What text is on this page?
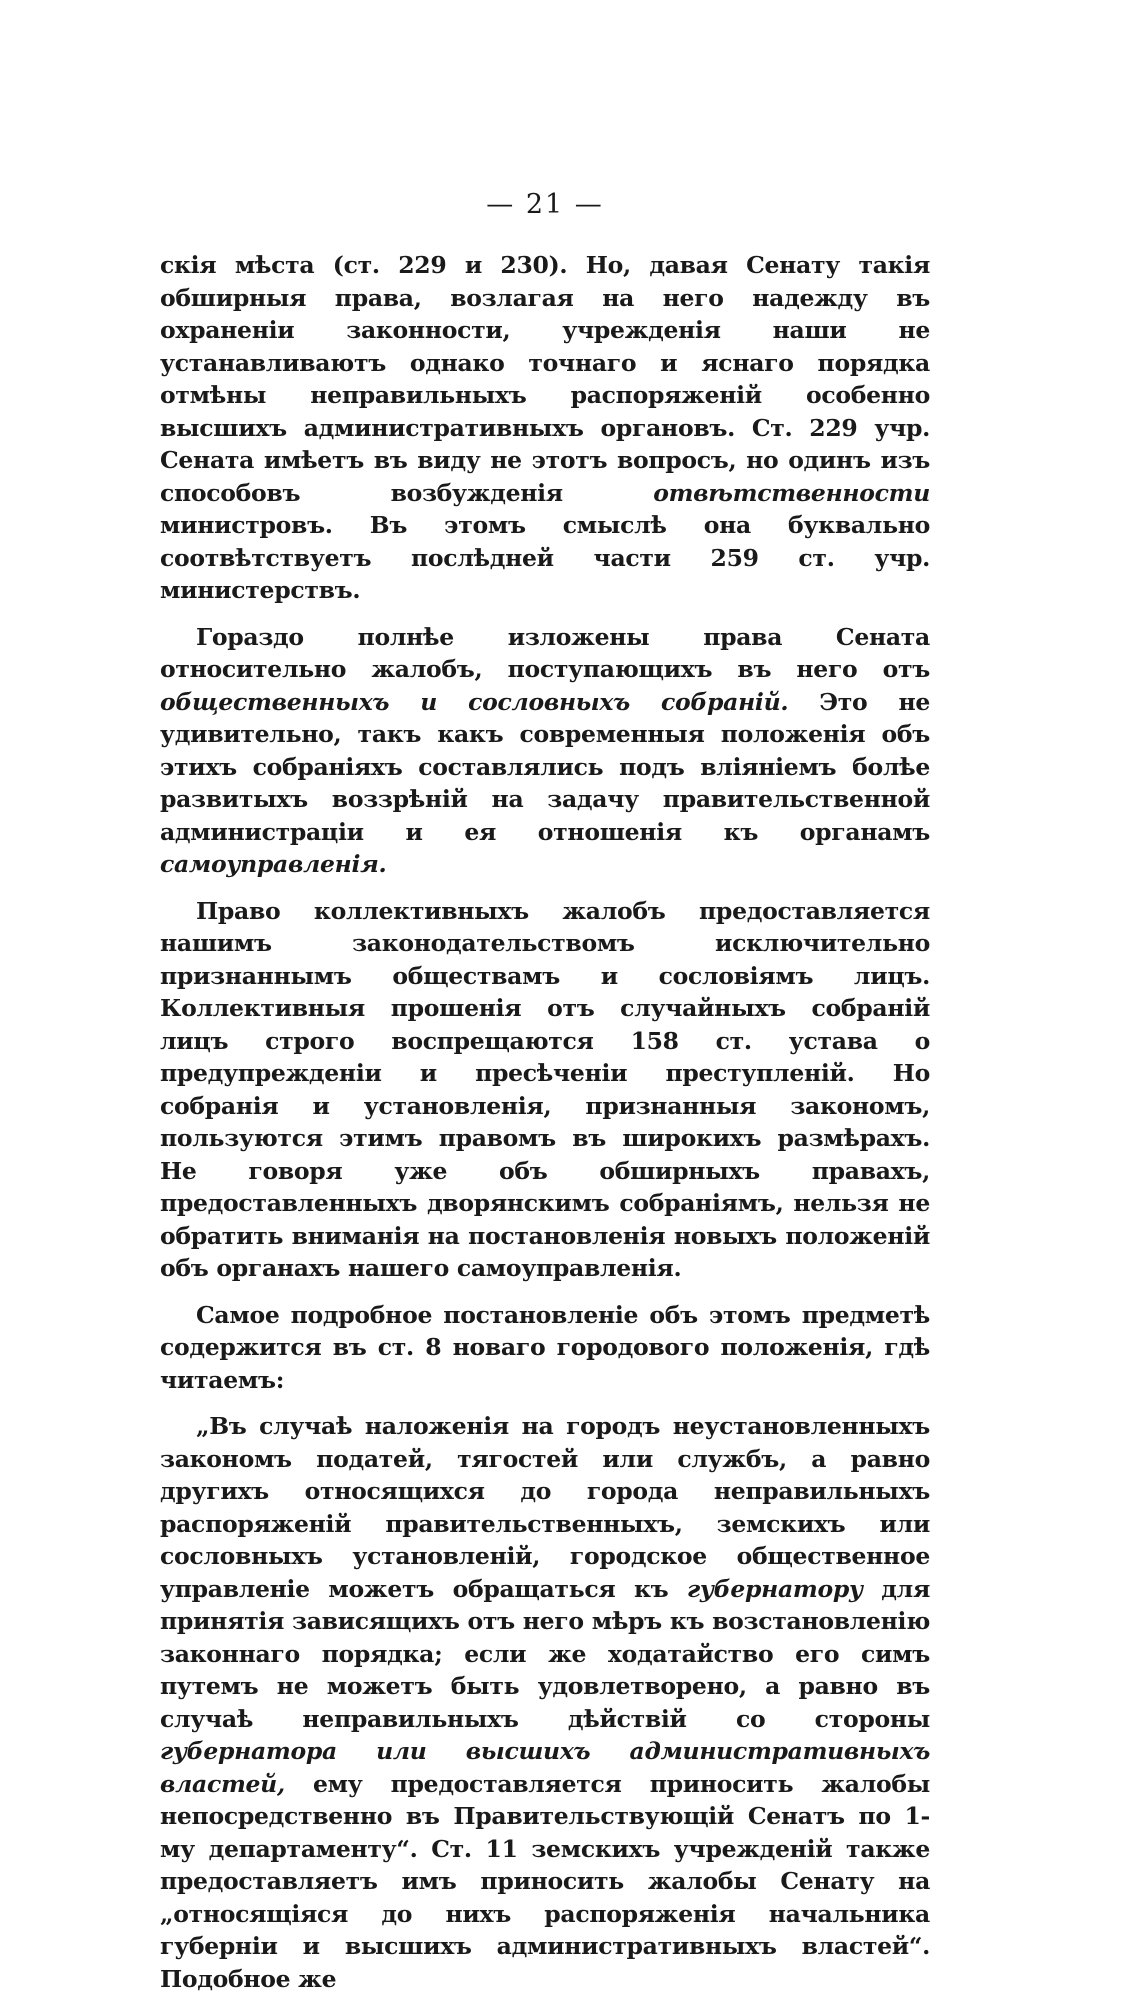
— 21 —

скія мѣста (ст. 229 и 230). Но, давая Сенату такія обширныя права, возлагая на него надежду въ охраненіи законности, учрежденія наши не устанавливаютъ однако точнаго и яснаго порядка отмѣны неправильныхъ распоряженій особенно высшихъ административныхъ органовъ. Ст. 229 учр. Сената имѣетъ въ виду не этотъ вопросъ, но одинъ изъ способовъ возбужденія отвѣтственности министровъ. Въ этомъ смыслѣ она буквально соотвѣтствуетъ послѣдней части 259 ст. учр. министерствъ.

Гораздо полнѣе изложены права Сената относительно жалобъ, поступающихъ въ него отъ общественныхъ и сословныхъ собраній. Это не удивительно, такъ какъ современныя положенія объ этихъ собраніяхъ составлялись подъ вліяніемъ болѣе развитыхъ воззрѣній на задачу правительственной администраціи и ея отношенія къ органамъ самоуправленія.

Право коллективныхъ жалобъ предоставляется нашимъ законодательствомъ исключительно признаннымъ обществамъ и сословіямъ лицъ. Коллективныя прошенія отъ случайныхъ собраній лицъ строго воспрещаются 158 ст. устава о предупрежденіи и пресѣченіи преступленій. Но собранія и установленія, признанныя закономъ, пользуются этимъ правомъ въ широкихъ размѣрахъ. Не говоря уже объ обширныхъ правахъ, предоставленныхъ дворянскимъ собраніямъ, нельзя не обратить вниманія на постановленія новыхъ положеній объ органахъ нашего самоуправленія.

Самое подробное постановленіе объ этомъ предметѣ содержится въ ст. 8 новаго городового положенія, гдѣ читаемъ:

„Въ случаѣ наложенія на городъ неустановленныхъ закономъ податей, тягостей или службъ, а равно другихъ относящихся до города неправильныхъ распоряженій правительственныхъ, земскихъ или сословныхъ установленій, городское общественное управленіе можетъ обращаться къ губернатору для принятія зависящихъ отъ него мѣръ къ возстановленію законнаго порядка; если же ходатайство его симъ путемъ не можетъ быть удовлетворено, а равно въ случаѣ неправильныхъ дѣйствій со стороны губернатора или высшихъ административныхъ властей, ему предоставляется приносить жалобы непосредственно въ Правительствующій Сенатъ по 1-му департаменту“. Ст. 11 земскихъ учрежденій также предоставляетъ имъ приносить жалобы Сенату на „относящіяся до нихъ распоряженія начальника губерніи и высшихъ административныхъ властей“. Подобное же
